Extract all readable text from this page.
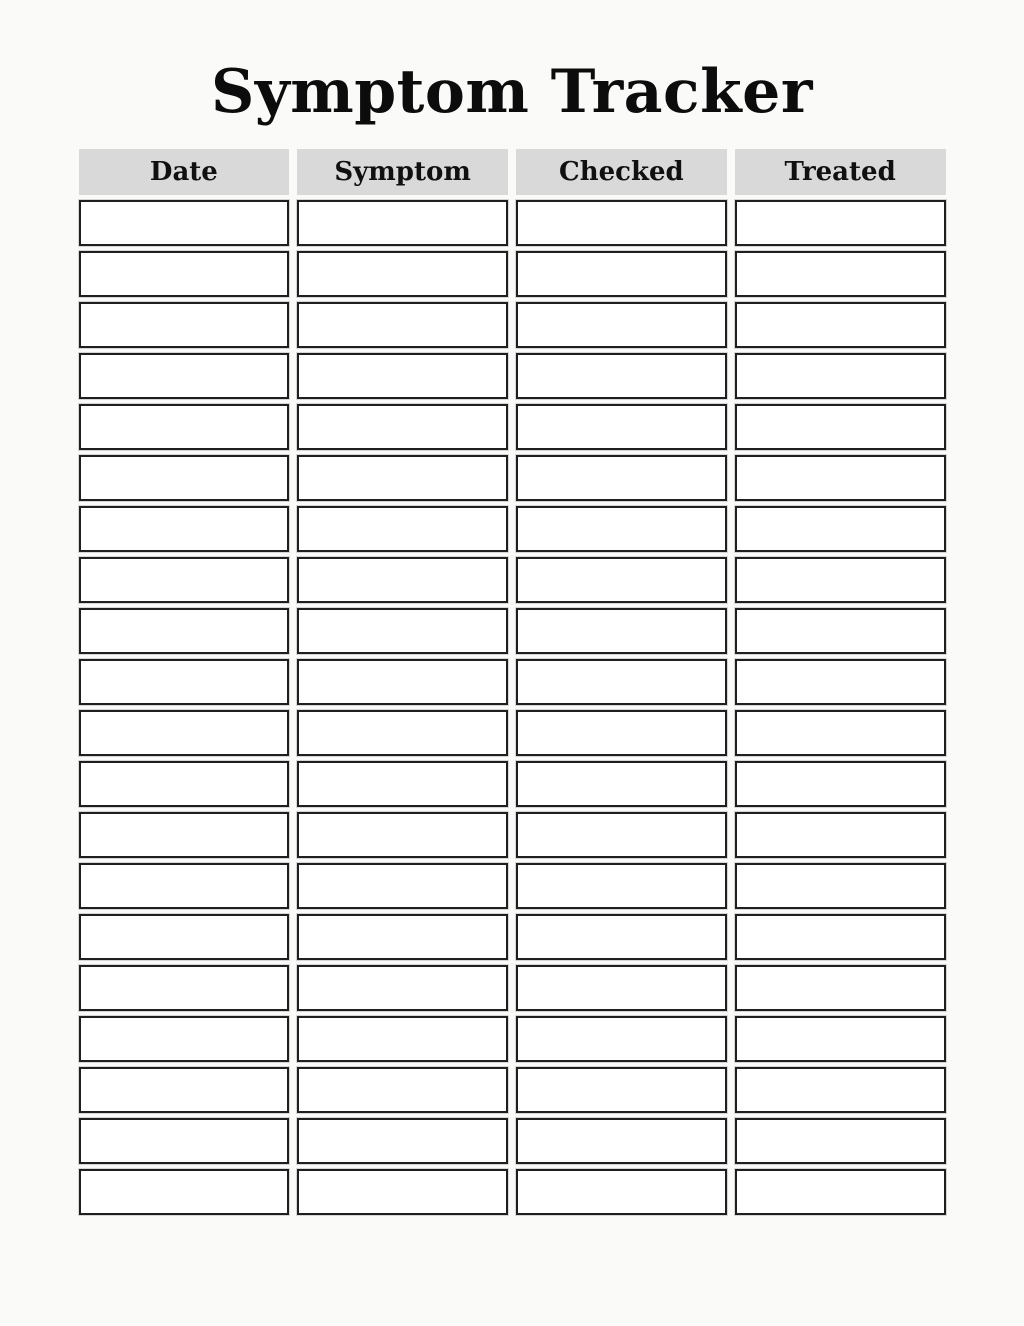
Symptom Tracker
Date	Symptom	Checked	Treated
